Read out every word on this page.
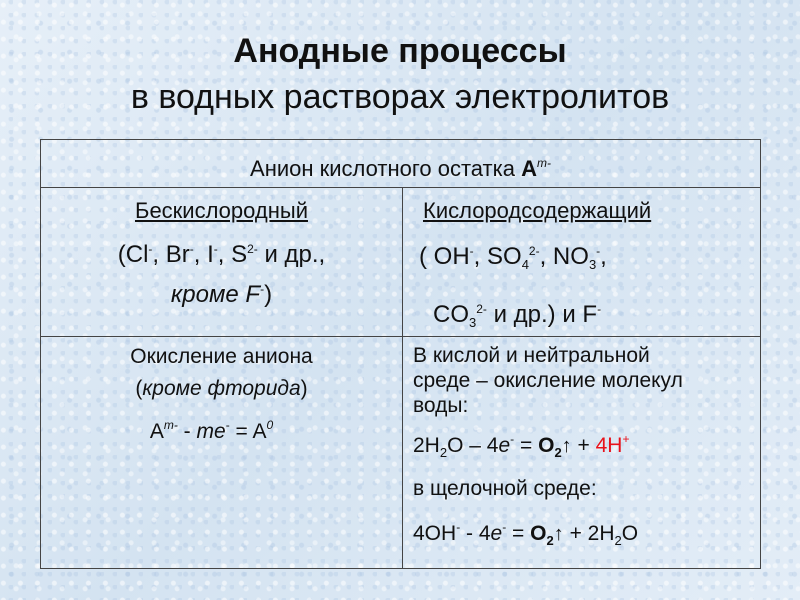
Анодные процессы
в водных растворах электролитов
Анион кислотного остатка $A^{m-}$
Бескислородный
(Cl-, Br-, I-, $S^{2-}$ и др.,
кроме F-)
Кислородсодержащий
( OH-, $SO_4^{2-}$, $NO_3^-$,
$CO_3^{2-}$ и др.) и F-
Окисление аниона
(кроме фторида)
$A^{m-} - me^- = A^0$
В кислой и нейтральной
среде – окисление молекул
воды:
$2H_2O - 4e^-$ = $O_2↑ + 4H^+$
в щелочной среде:
$4OH^- - 4e^- = O_2↑ + 2H_2O$
